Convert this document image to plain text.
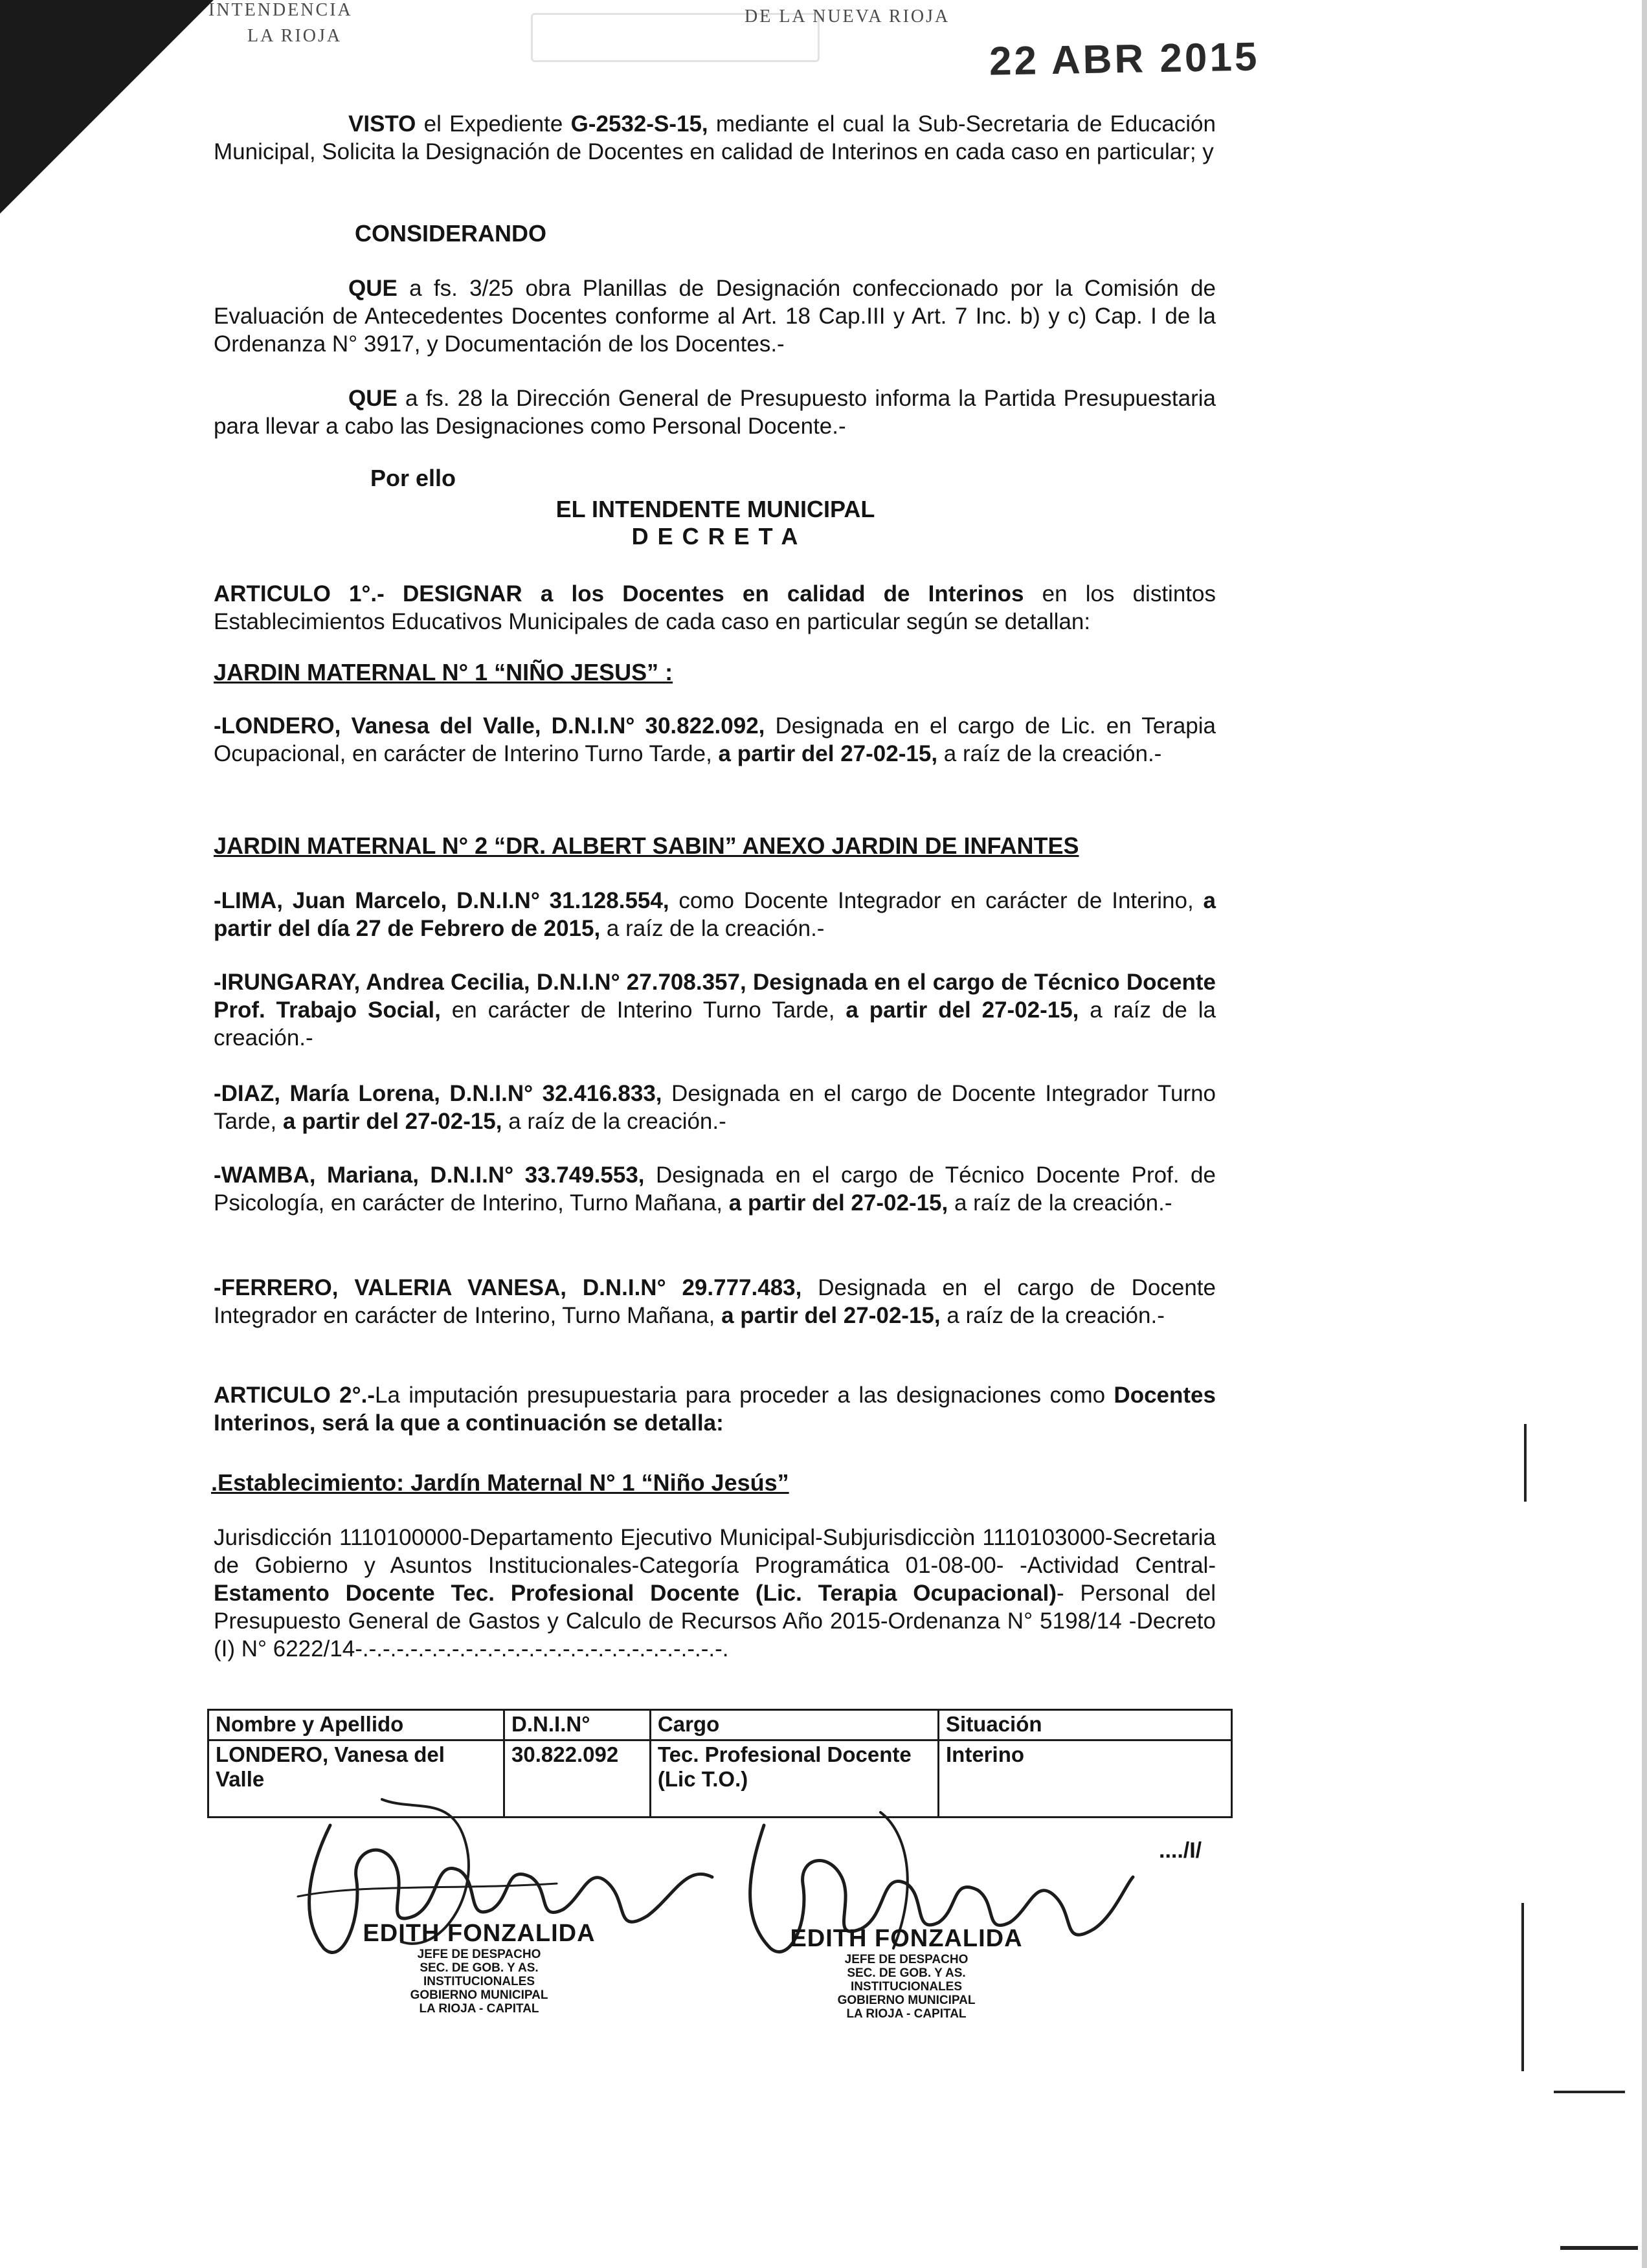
INTENDENCIA
LA RIOJA
DE LA NUEVA RIOJA
22 ABR 2015

VISTO el Expediente G-2532-S-15, mediante el cual la Sub-Secretaria de Educación Municipal, Solicita la Designación de Docentes en calidad de Interinos en cada caso en particular; y

CONSIDERANDO

QUE a fs. 3/25 obra Planillas de Designación confeccionado por la Comisión de Evaluación de Antecedentes Docentes conforme al Art. 18 Cap.III y Art. 7 Inc. b) y c) Cap. I de la Ordenanza N° 3917, y Documentación de los Docentes.-

QUE a fs. 28 la Dirección General de Presupuesto informa la Partida Presupuestaria para llevar a cabo las Designaciones como Personal Docente.-

Por ello
EL INTENDENTE MUNICIPAL
D E C R E T A

ARTICULO 1°.- DESIGNAR a los Docentes en calidad de Interinos en los distintos Establecimientos Educativos Municipales de cada caso en particular según se detallan:

JARDIN MATERNAL N° 1 “NIÑO JESUS” :

-LONDERO, Vanesa del Valle, D.N.I.N° 30.822.092, Designada en el cargo de Lic. en Terapia Ocupacional, en carácter de Interino Turno Tarde, a partir del 27-02-15, a raíz de la creación.-

JARDIN MATERNAL N° 2 “DR. ALBERT SABIN” ANEXO JARDIN DE INFANTES

-LIMA, Juan Marcelo, D.N.I.N° 31.128.554, como Docente Integrador en carácter de Interino, a partir del día 27 de Febrero de 2015, a raíz de la creación.-

-IRUNGARAY, Andrea Cecilia, D.N.I.N° 27.708.357, Designada en el cargo de Técnico Docente Prof. Trabajo Social, en carácter de Interino Turno Tarde, a partir del 27-02-15, a raíz de la creación.-

-DIAZ, María Lorena, D.N.I.N° 32.416.833, Designada en el cargo de Docente Integrador Turno Tarde, a partir del 27-02-15, a raíz de la creación.-

-WAMBA, Mariana, D.N.I.N° 33.749.553, Designada en el cargo de Técnico Docente Prof. de Psicología, en carácter de Interino, Turno Mañana, a partir del 27-02-15, a raíz de la creación.-

-FERRERO, VALERIA VANESA, D.N.I.N° 29.777.483, Designada en el cargo de Docente Integrador en carácter de Interino, Turno Mañana, a partir del 27-02-15, a raíz de la creación.-

ARTICULO 2°.-La imputación presupuestaria para proceder a las designaciones como Docentes Interinos, será la que a continuación se detalla:

.Establecimiento: Jardín Maternal N° 1 “Niño Jesús”

Jurisdicción 1110100000-Departamento Ejecutivo Municipal-Subjurisdicciòn 1110103000-Secretaria de Gobierno y Asuntos Institucionales-Categoría Programática 01-08-00- -Actividad Central- Estamento Docente Tec. Profesional Docente (Lic. Terapia Ocupacional)- Personal del Presupuesto General de Gastos y Calculo de Recursos Año 2015-Ordenanza N° 5198/14 -Decreto (I) N° 6222/14-.-.-.-.-.-.-.-.-.-.-.-.-.-.-.-.-.-.-.-.-.-.-.-.-.-.-.

Nombre y Apellido	D.N.I.N°	Cargo	Situación
LONDERO, Vanesa del Valle	30.822.092	Tec. Profesional Docente (Lic T.O.)	Interino
..../I/
EDITH FONZALIDA
JEFE DE DESPACHO
SEC. DE GOB. Y AS. INSTITUCIONALES
GOBIERNO MUNICIPAL
LA RIOJA - CAPITAL
EDITH FONZALIDA
JEFE DE DESPACHO
SEC. DE GOB. Y AS. INSTITUCIONALES
GOBIERNO MUNICIPAL
LA RIOJA - CAPITAL
